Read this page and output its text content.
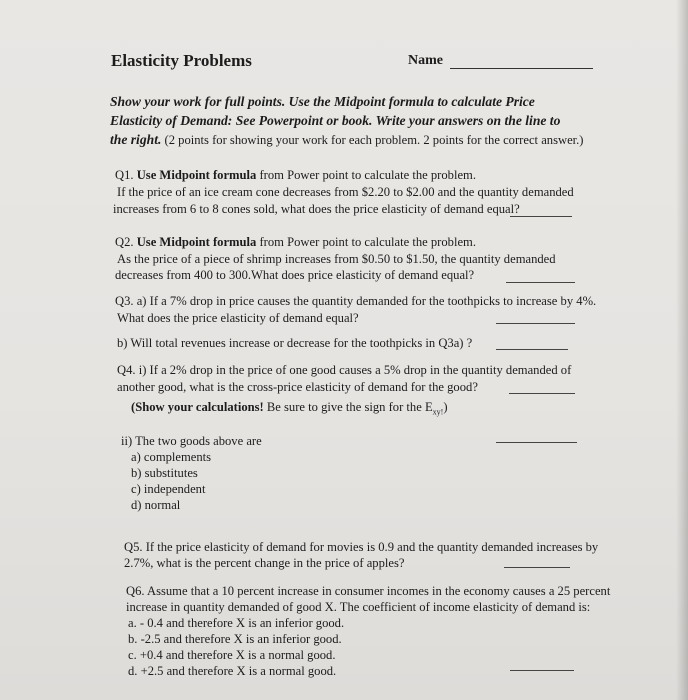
Elasticity Problems	Name
Show your work for full points. Use the Midpoint formula to calculate Price
Elasticity of Demand: See Powerpoint or book. Write your answers on the line to
the right. (2 points for showing your work for each problem. 2 points for the correct answer.)
Q1. Use Midpoint formula from Power point to calculate the problem.
If the price of an ice cream cone decreases from $2.20 to $2.00 and the quantity demanded
increases from 6 to 8 cones sold, what does the price elasticity of demand equal?
Q2. Use Midpoint formula from Power point to calculate the problem.
As the price of a piece of shrimp increases from $0.50 to $1.50, the quantity demanded
decreases from 400 to 300.What does price elasticity of demand equal?
Q3. a) If a 7% drop in price causes the quantity demanded for the toothpicks to increase by 4%.
What does the price elasticity of demand equal?
b) Will total revenues increase or decrease for the toothpicks in Q3a) ?
Q4. i) If a 2% drop in the price of one good causes a 5% drop in the quantity demanded of
another good, what is the cross-price elasticity of demand for the good?
(Show your calculations! Be sure to give the sign for the $E_{xy!}$)
ii) The two goods above are
a) complements
b) substitutes
c) independent
d) normal
Q5. If the price elasticity of demand for movies is 0.9 and the quantity demanded increases by
2.7%, what is the percent change in the price of apples?
Q6. Assume that a 10 percent increase in consumer incomes in the economy causes a 25 percent
increase in quantity demanded of good X. The coefficient of income elasticity of demand is:
a. - 0.4 and therefore X is an inferior good.
b. -2.5 and therefore X is an inferior good.
c. +0.4 and therefore X is a normal good.
d. +2.5 and therefore X is a normal good.
